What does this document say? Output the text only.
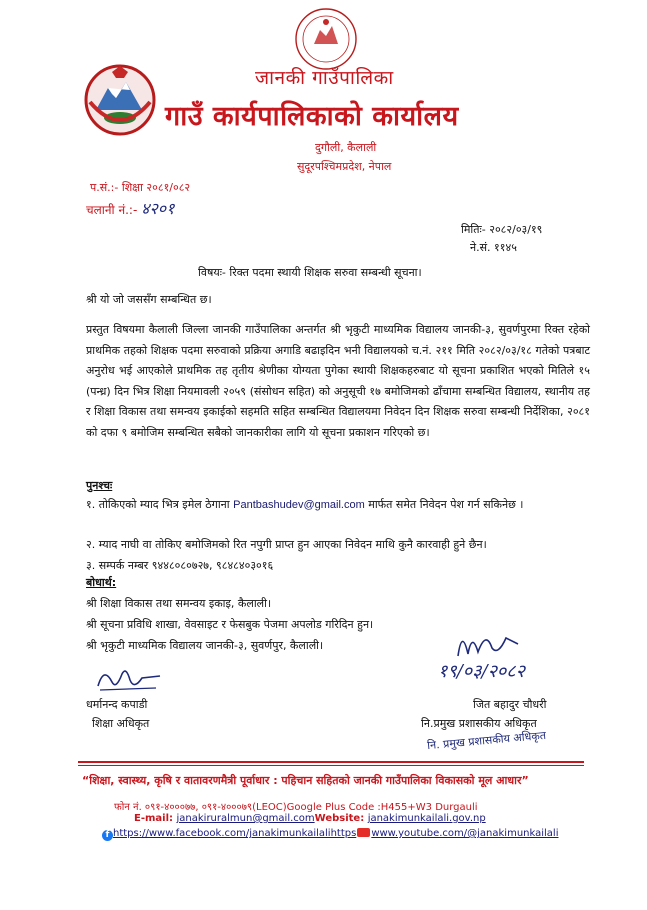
जानकी गाउँपालिका
गाउँ कार्यपालिकाको कार्यालय
दुगौली, कैलाली
सुदूरपश्चिमप्रदेश, नेपाल
प.सं.:- शिक्षा २०८१/०८२
चलानी नं.:- ४२०१
मितिः- २०८२/०३/१९
ने.सं. ११४५
विषयः- रिक्त पदमा स्थायी शिक्षक सरुवा सम्बन्धी सूचना।
श्री यो जो जससँग सम्बन्धित छ।
प्रस्तुत विषयमा कैलाली जिल्ला जानकी गाउँपालिका अन्तर्गत श्री भृकुटी माध्यमिक विद्यालय जानकी-३, सुवर्णपुरमा रिक्त रहेको प्राथमिक तहको शिक्षक पदमा सरुवाको प्रक्रिया अगाडि बढाइदिन भनी विद्यालयको च.नं. २११ मिति २०८२/०३/१८ गतेको पत्रबाट अनुरोध भई आएकोले प्राथमिक तह तृतीय श्रेणीका योग्यता पुगेका स्थायी शिक्षकहरुबाट यो सूचना प्रकाशित भएको मितिले १५ (पन्ध्र) दिन भित्र शिक्षा नियमावली २०५९ (संसोधन सहित) को अनुसूची १७ बमोजिमको ढाँचामा सम्बन्धित विद्यालय, स्थानीय तह र शिक्षा विकास तथा समन्वय इकाईको सहमति सहित सम्बन्धित विद्यालयमा निवेदन दिन शिक्षक सरुवा सम्बन्धी निर्देशिका, २०८१ को दफा ९ बमोजिम सम्बन्धित सबैको जानकारीका लागि यो सूचना प्रकाशन गरिएको छ।
पुनश्चः
१. तोकिएको म्याद भित्र इमेल ठेगाना Pantbashudev@gmail.com मार्फत समेत निवेदन पेश गर्न सकिनेछ ।
२. म्याद नाघी वा तोकिए बमोजिमको रित नपुगी प्राप्त हुन आएका निवेदन माथि कुनै कारवाही हुने छैन।
३. सम्पर्क नम्बर ९४४८०८०७२७, ९८४८४०३०१६
बोधार्थ:
श्री शिक्षा विकास तथा समन्वय इकाइ, कैलाली।
श्री सूचना प्रविधि शाखा, वेवसाइट र फेसबुक पेजमा अपलोड गरिदिन हुन।
श्री भृकुटी माध्यमिक विद्यालय जानकी-३, सुवर्णपुर, कैलाली।
१९/०३/२०८२
धर्मानन्द कपाडी
शिक्षा अधिकृत
जित बहादुर चौधरी
नि.प्रमुख प्रशासकीय अधिकृत
नि. प्रमुख प्रशासकीय अधिकृत
“शिक्षा, स्वास्थ्य, कृषि र वातावरणमैत्री पूर्वाधार : पहिचान सहितको जानकी गाउँपालिका विकासको मूल आधार”
फोन नं. ०९१-४०००७७, ०९१-४०००७९(LEOC)Google Plus Code :H455+W3 Durgauli
E-mail: janakiruralmun@gmail.comWebsite: janakimunkailali.gov.np
f https://www.facebook.com/janakimunkailalihttps www.youtube.com/@janakimunkailali
